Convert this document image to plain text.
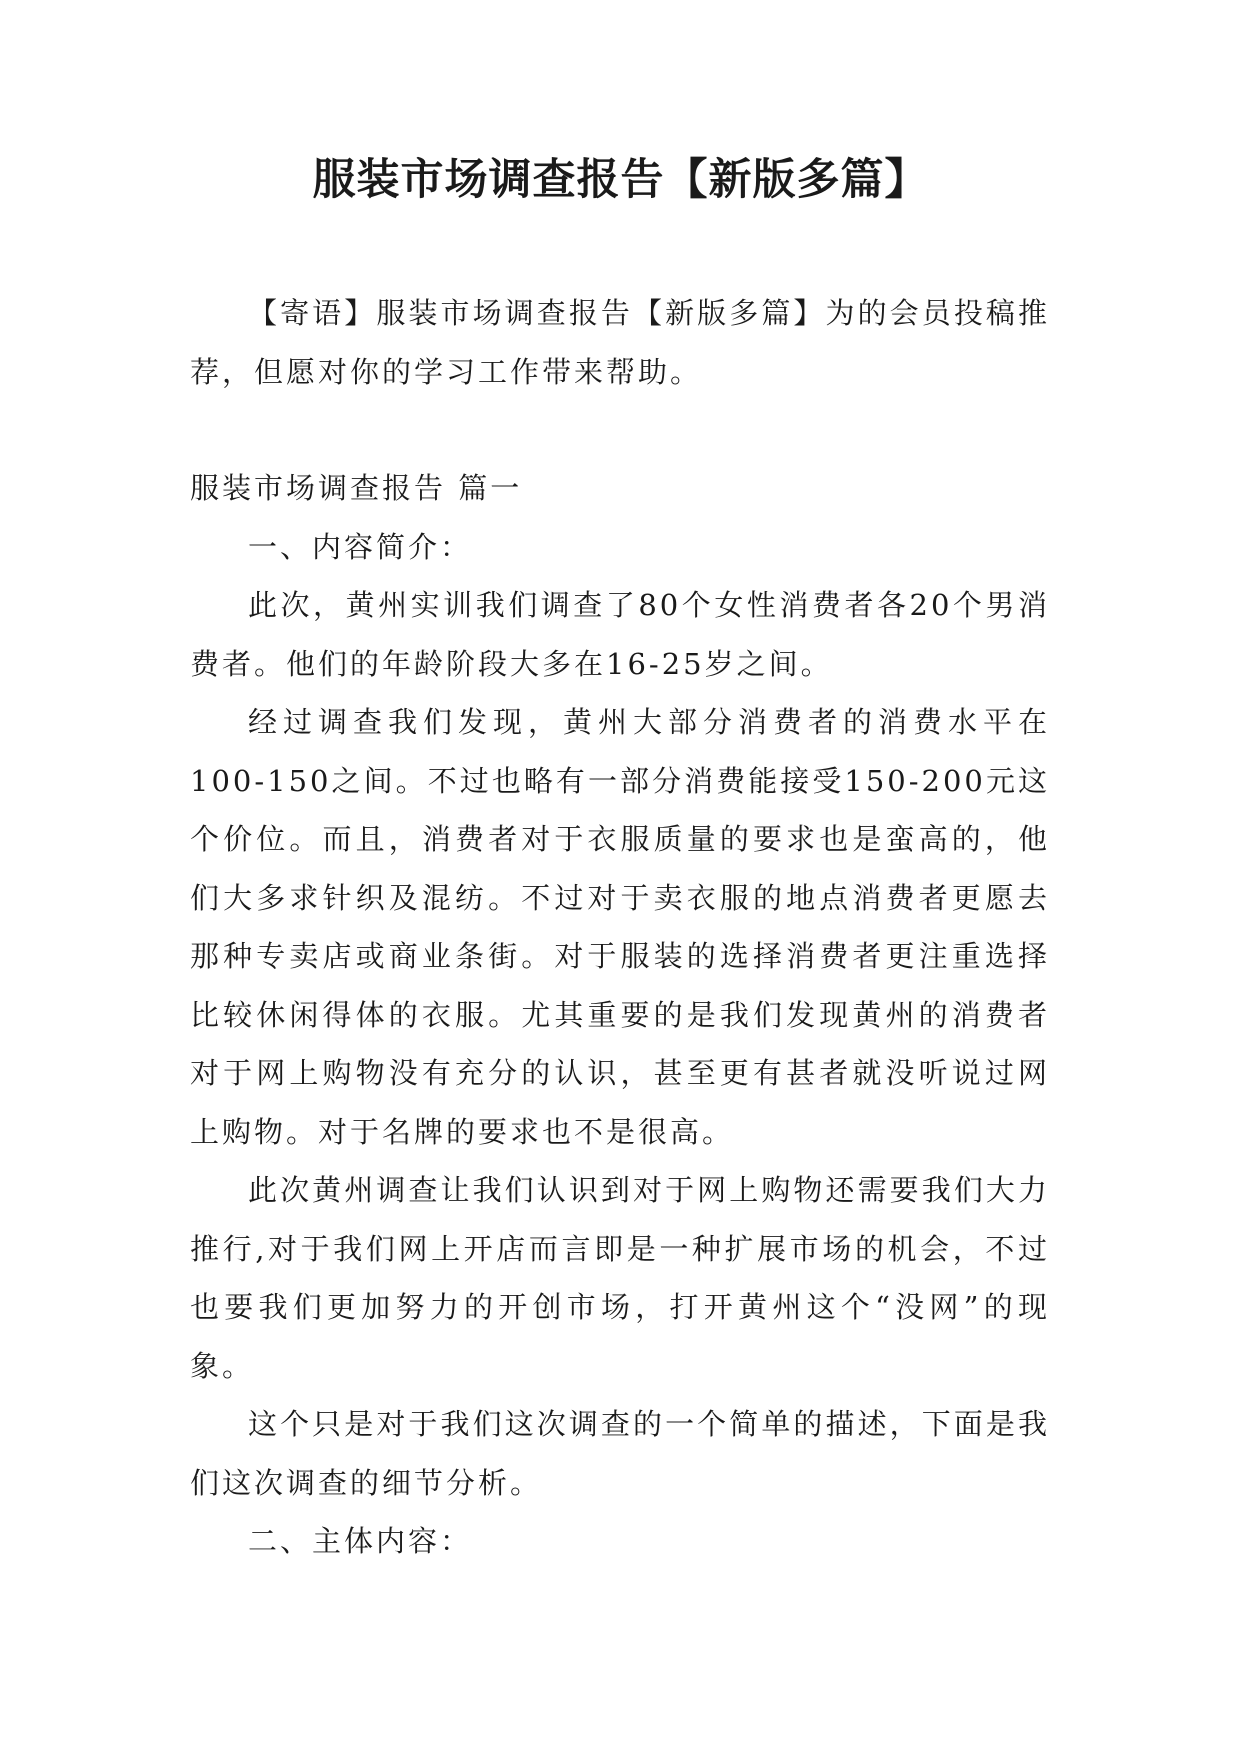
服装市场调查报告【新版多篇】

【寄语】服装市场调查报告【新版多篇】为的会员投稿推荐，但愿对你的学习工作带来帮助。

服装市场调查报告 篇一

一、内容简介：

此次，黄州实训我们调查了80个女性消费者各20个男消费者。他们的年龄阶段大多在16-25岁之间。

经过调查我们发现，黄州大部分消费者的消费水平在100-150之间。不过也略有一部分消费能接受150-200元这个价位。而且，消费者对于衣服质量的要求也是蛮高的，他们大多求针织及混纺。不过对于卖衣服的地点消费者更愿去那种专卖店或商业条街。对于服装的选择消费者更注重选择比较休闲得体的衣服。尤其重要的是我们发现黄州的消费者对于网上购物没有充分的认识，甚至更有甚者就没听说过网上购物。对于名牌的要求也不是很高。

此次黄州调查让我们认识到对于网上购物还需要我们大力推行,对于我们网上开店而言即是一种扩展市场的机会，不过也要我们更加努力的开创市场，打开黄州这个“没网”的现象。

这个只是对于我们这次调查的一个简单的描述，下面是我们这次调查的细节分析。

二、主体内容：
